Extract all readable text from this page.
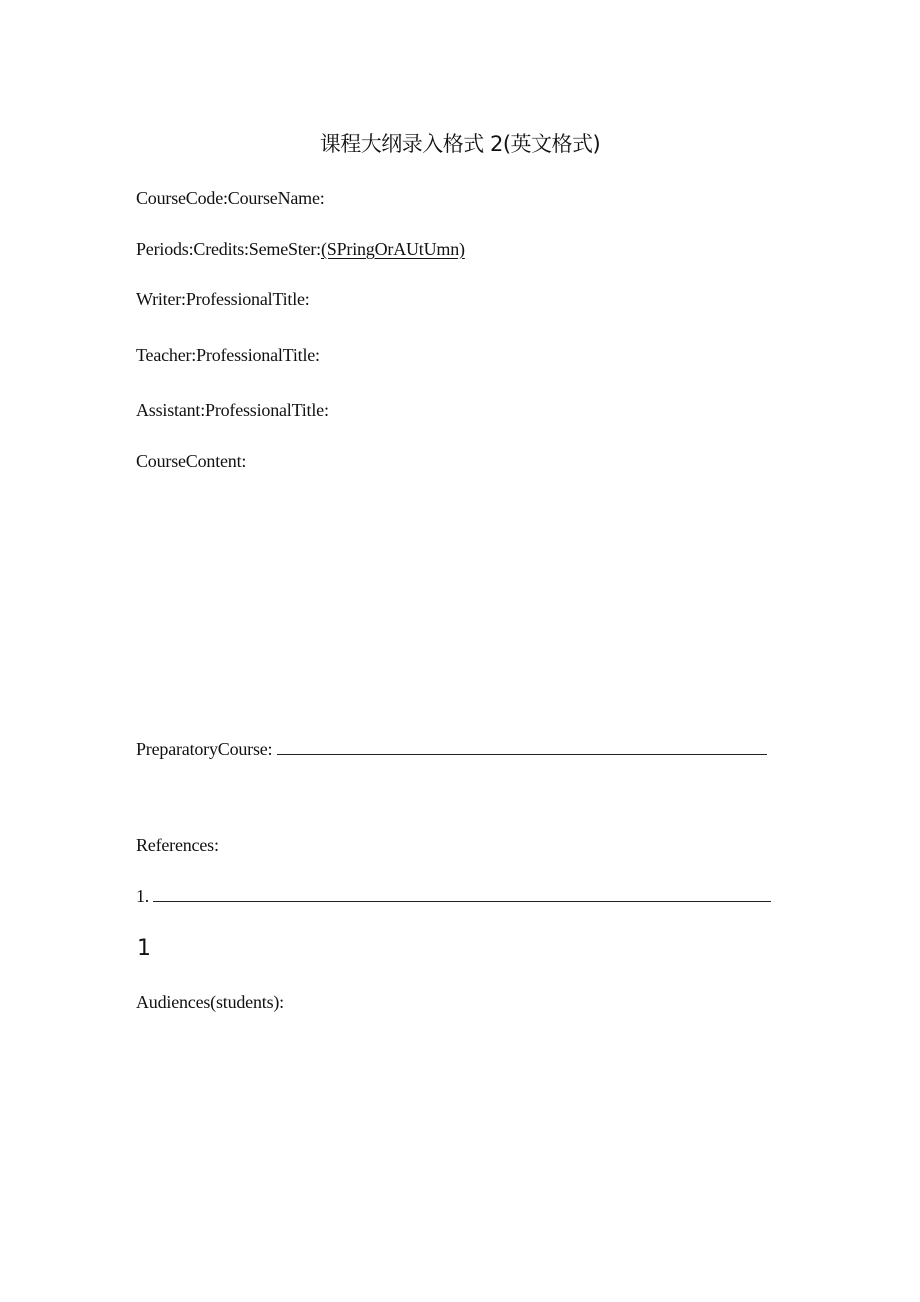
课程大纲录入格式 2(英文格式)
CourseCode:CourseName:
Periods:Credits:SemeSter:(SPringOrAUtUmn)
Writer:ProfessionalTitle:
Teacher:ProfessionalTitle:
Assistant:ProfessionalTitle:
CourseContent:
PreparatoryCourse:
References:
1.
1
Audiences(students):
